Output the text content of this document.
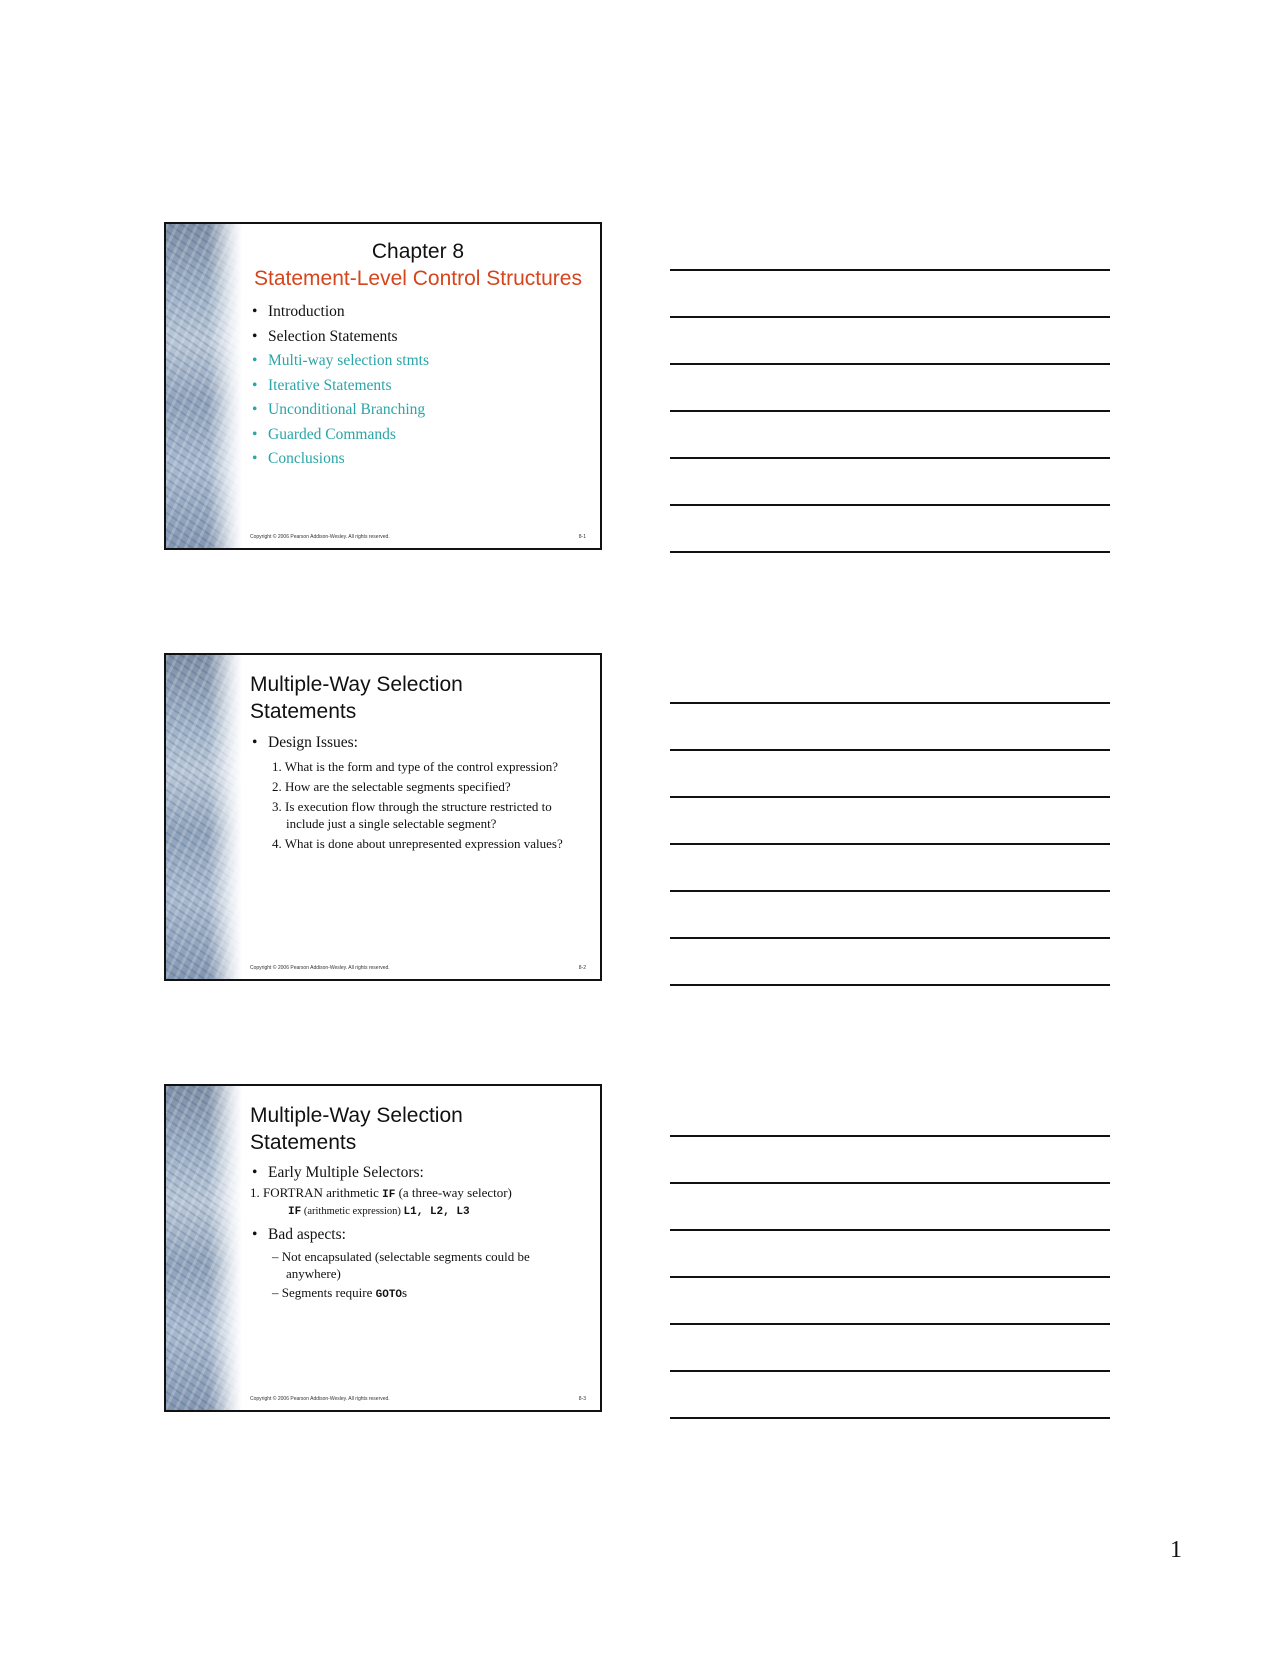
Chapter 8
Statement-Level Control Structures
• Introduction
• Selection Statements
• Multi-way selection stmts
• Iterative Statements
• Unconditional Branching
• Guarded Commands
• Conclusions
Copyright © 2006 Pearson Addison-Wesley. All rights reserved.	8-1
Multiple-Way Selection
Statements
• Design Issues:
1. What is the form and type of the control expression?
2. How are the selectable segments specified?
3. Is execution flow through the structure restricted to include just a single selectable segment?
4. What is done about unrepresented expression values?
Copyright © 2006 Pearson Addison-Wesley. All rights reserved.	8-2
Multiple-Way Selection
Statements
• Early Multiple Selectors:
1. FORTRAN arithmetic IF (a three-way selector)
IF (arithmetic expression) L1, L2, L3
• Bad aspects:
– Not encapsulated (selectable segments could be anywhere)
– Segments require GOTOs
Copyright © 2006 Pearson Addison-Wesley. All rights reserved.	8-3
1
